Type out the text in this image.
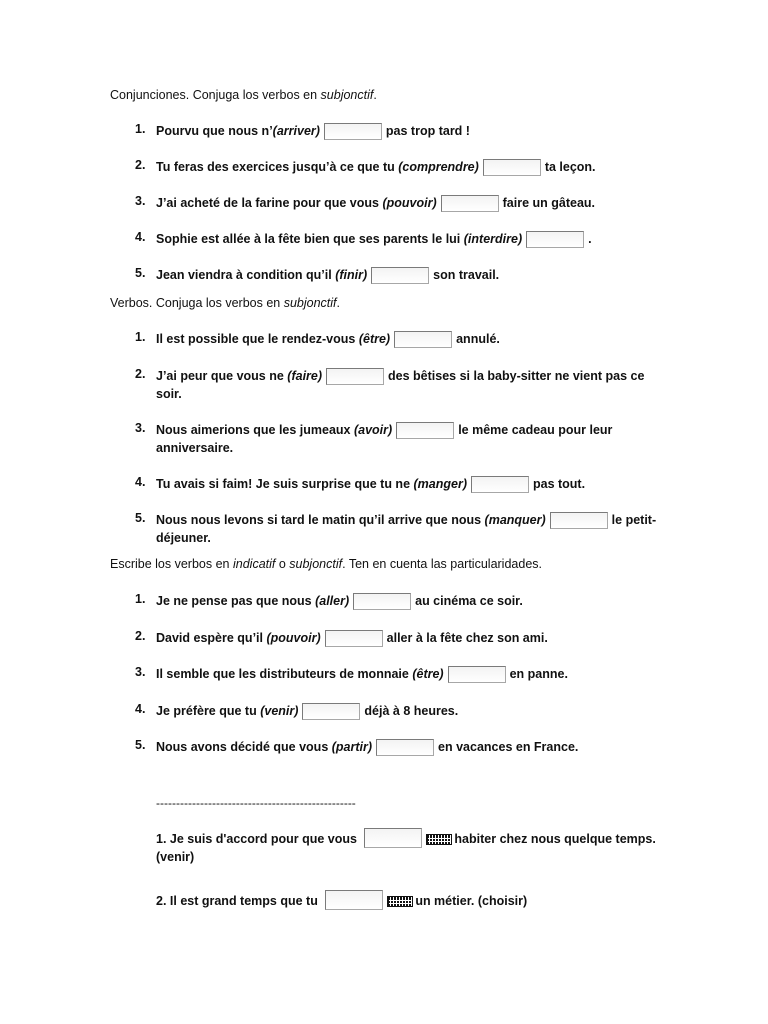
Conjunciones. Conjuga los verbos en subjonctif.
1. Pourvu que nous n’(arriver)	pas trop tard !
2. Tu feras des exercices jusqu’à ce que tu (comprendre)	ta leçon.
3. J’ai acheté de la farine pour que vous (pouvoir)	faire un gâteau.
4. Sophie est allée à la fête bien que ses parents le lui (interdire)	.
5. Jean viendra à condition qu’il (finir)	son travail.
Verbos. Conjuga los verbos en subjonctif.
1. Il est possible que le rendez-vous (être)	annulé.
2. J’ai peur que vous ne (faire)	des bêtises si la baby-sitter ne vient pas ce soir.
3. Nous aimerions que les jumeaux (avoir)	le même cadeau pour leur anniversaire.
4. Tu avais si faim! Je suis surprise que tu ne (manger)	pas tout.
5. Nous nous levons si tard le matin qu’il arrive que nous (manquer)	le petit-déjeuner.
Escribe los verbos en indicatif o subjonctif. Ten en cuenta las particularidades.
1. Je ne pense pas que nous (aller)	au cinéma ce soir.
2. David espère qu’il (pouvoir)	aller à la fête chez son ami.
3. Il semble que les distributeurs de monnaie (être)	en panne.
4. Je préfère que tu (venir)	déjà à 8 heures.
5. Nous avons décidé que vous (partir)	en vacances en France.
--------------------------------------------------
1. Je suis d'accord pour que vous	habiter chez nous quelque temps. (venir)
2. Il est grand temps que tu	un métier. (choisir)
